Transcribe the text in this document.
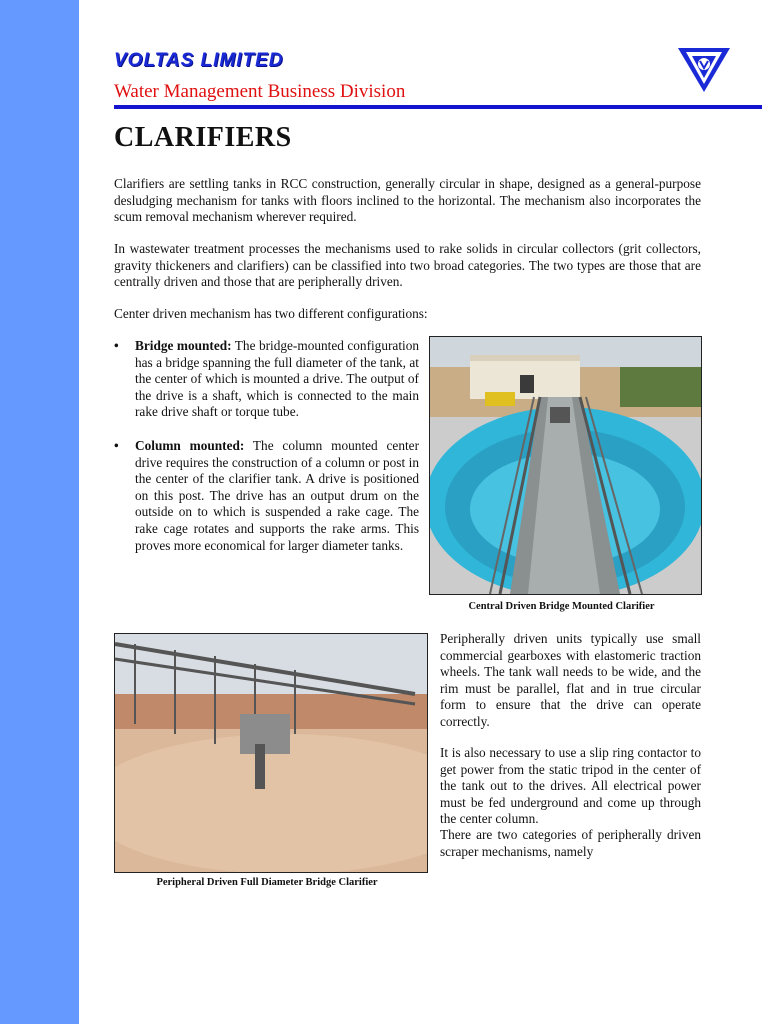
VOLTAS LIMITED
Water Management Business Division
CLARIFIERS

Clarifiers are settling tanks in RCC construction, generally circular in shape, designed as a general-purpose desludging mechanism for tanks with floors inclined to the horizontal. The mechanism also incorporates the scum removal mechanism wherever required.

In wastewater treatment processes the mechanisms used to rake solids in circular collectors (grit collectors, gravity thickeners and clarifiers) can be classified into two broad categories. The two types are those that are centrally driven and those that are peripherally driven.

Center driven mechanism has two different configurations:

• Bridge mounted: The bridge-mounted configuration has a bridge spanning the full diameter of the tank, at the center of which is mounted a drive. The output of the drive is a shaft, which is connected to the main rake drive shaft or torque tube.
• Column mounted: The column mounted center drive requires the construction of a column or post in the center of the clarifier tank. A drive is positioned on this post. The drive has an output drum on the outside on to which is suspended a rake cage. The rake cage rotates and supports the rake arms. This proves more economical for larger diameter tanks.
Central Driven Bridge Mounted Clarifier
Peripheral Driven Full Diameter Bridge Clarifier

Peripherally driven units typically use small commercial gearboxes with elastomeric traction wheels. The tank wall needs to be wide, and the rim must be parallel, flat and in true circular form to ensure that the drive can operate correctly.

It is also necessary to use a slip ring contactor to get power from the static tripod in the center of the tank out to the drives. All electrical power must be fed underground and come up through the center column.

There are two categories of peripherally driven scraper mechanisms, namely
